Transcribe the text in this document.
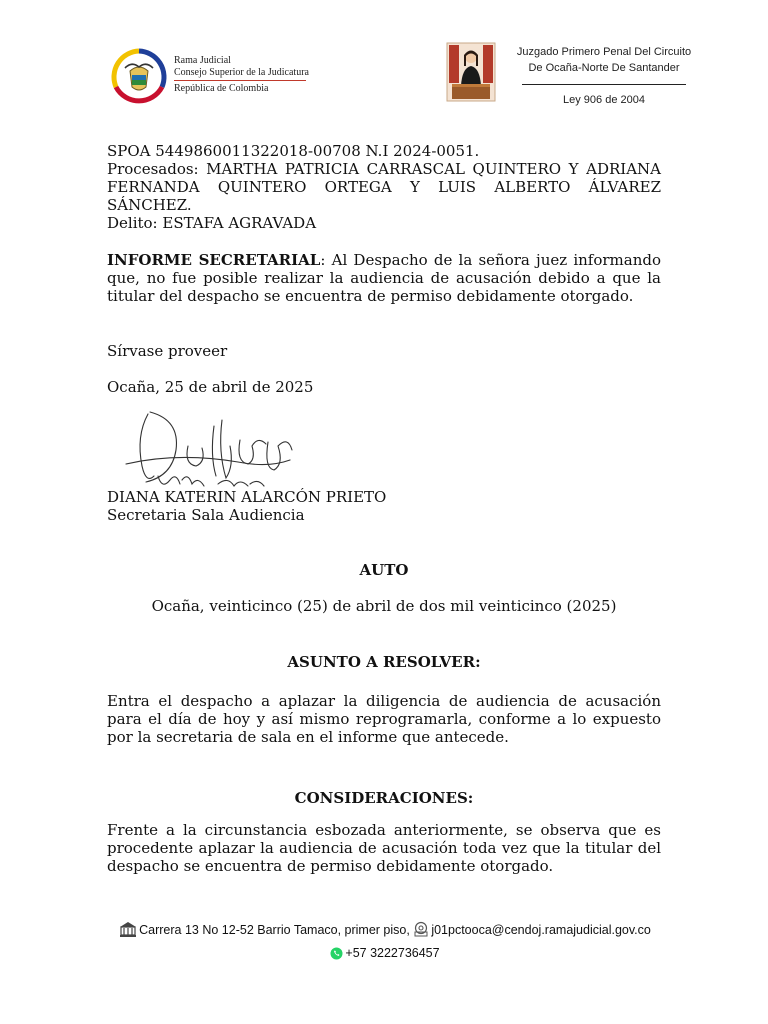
Rama Judicial
Consejo Superior de la Judicatura
República de Colombia
Juzgado Primero Penal Del Circuito
De Ocaña-Norte De Santander
Ley 906 de 2004
SPOA 5449860011322018-00708 N.I 2024-0051.
Procesados: MARTHA PATRICIA CARRASCAL QUINTERO Y ADRIANA FERNANDA QUINTERO ORTEGA Y LUIS ALBERTO ÁLVAREZ SÁNCHEZ.
Delito: ESTAFA AGRAVADA
INFORME SECRETARIAL: Al Despacho de la señora juez informando que, no fue posible realizar la audiencia de acusación debido a que la titular del despacho se encuentra de permiso debidamente otorgado.
Sírvase proveer
Ocaña, 25 de abril de 2025
DIANA KATERIN ALARCÓN PRIETO
Secretaria Sala Audiencia
AUTO
Ocaña, veinticinco (25) de abril de dos mil veinticinco (2025)
ASUNTO A RESOLVER:
Entra el despacho a aplazar la diligencia de audiencia de acusación para el día de hoy y así mismo reprogramarla, conforme a lo expuesto por la secretaria de sala en el informe que antecede.
CONSIDERACIONES:
Frente a la circunstancia esbozada anteriormente, se observa que es procedente aplazar la audiencia de acusación toda vez que la titular del despacho se encuentra de permiso debidamente otorgado.
Carrera 13 No 12-52 Barrio Tamaco, primer piso, j01pctooca@cendoj.ramajudicial.gov.co
+57 3222736457
